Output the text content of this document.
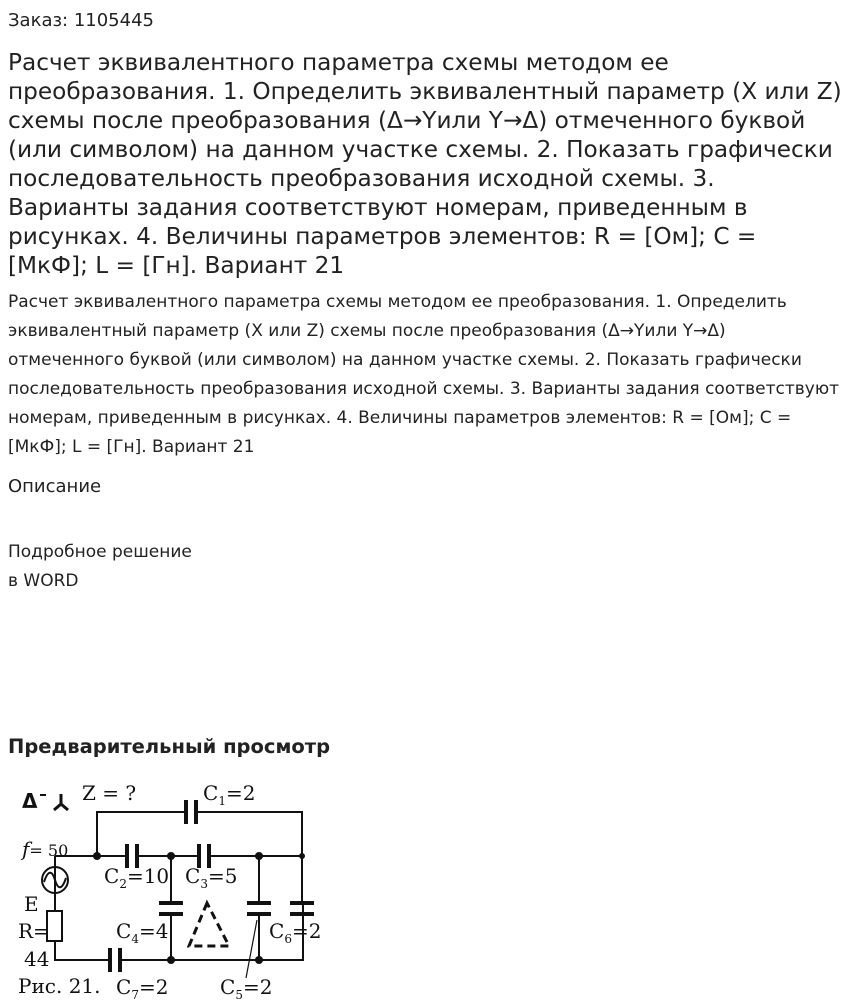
Заказ: 1105445
Расчет эквивалентного параметра схемы методом ее преобразования. 1. Определить эквивалентный параметр (X или Z) схемы после преобразования (Δ→Yили Y→Δ) отмеченного буквой (или символом) на данном участке схемы. 2. Показать графически последовательность преобразования исходной схемы. 3. Варианты задания соответствуют номерам, приведенным в рисунках. 4. Величины параметров элементов: R = [Ом]; С = [МкФ]; L = [Гн]. Вариант 21
Расчет эквивалентного параметра схемы методом ее преобразования. 1. Определить эквивалентный параметр (X или Z) схемы после преобразования (Δ→Yили Y→Δ) отмеченного буквой (или символом) на данном участке схемы. 2. Показать графически последовательность преобразования исходной схемы. 3. Варианты задания соответствуют номерам, приведенным в рисунках. 4. Величины параметров элементов: R = [Ом]; С = [МкФ]; L = [Гн]. Вариант 21
Описание
Подробное решение
в WORD
Предварительный просмотр
Δ Z = ?	$C_1=2$
f= 50
$C_2=10$ $C_3=5$
E
R=	$C_4=4$	$C_6=2$
44
Рис. 21. $C_7=2$	$C_5=2$
